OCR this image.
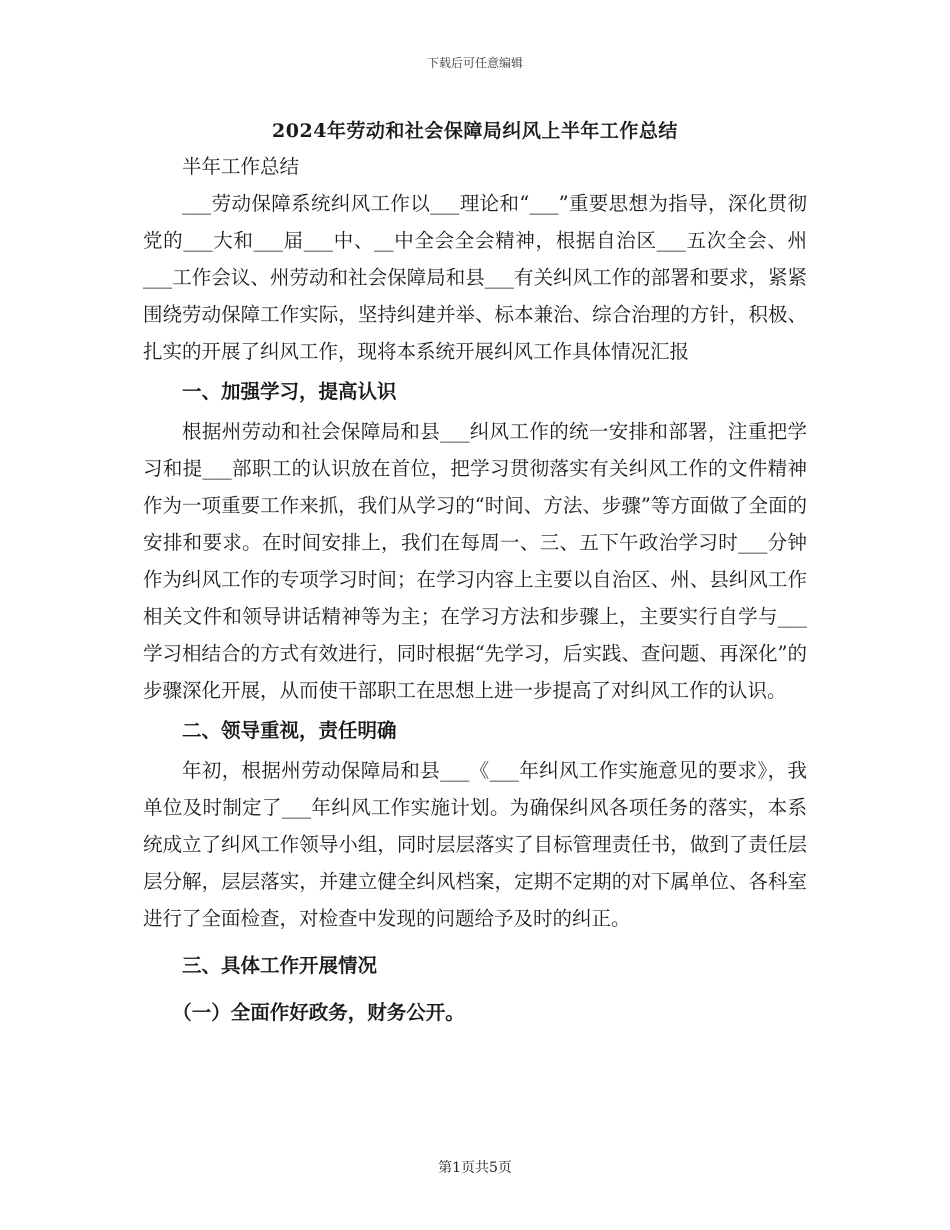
下载后可任意编辑
2024年劳动和社会保障局纠风上半年工作总结

半年工作总结

___劳动保障系统纠风工作以___理论和“___”重要思想为指导，深化贯彻党的___大和___届___中、__中全会全会精神，根据自治区___五次全会、州___工作会议、州劳动和社会保障局和县___有关纠风工作的部署和要求，紧紧围绕劳动保障工作实际，坚持纠建并举、标本兼治、综合治理的方针，积极、扎实的开展了纠风工作，现将本系统开展纠风工作具体情况汇报

一、加强学习，提高认识

根据州劳动和社会保障局和县___纠风工作的统一安排和部署，注重把学习和提___部职工的认识放在首位，把学习贯彻落实有关纠风工作的文件精神作为一项重要工作来抓，我们从学习的“时间、方法、步骤”等方面做了全面的安排和要求。在时间安排上，我们在每周一、三、五下午政治学习时___分钟作为纠风工作的专项学习时间；在学习内容上主要以自治区、州、县纠风工作相关文件和领导讲话精神等为主；在学习方法和步骤上，主要实行自学与___学习相结合的方式有效进行，同时根据“先学习，后实践、查问题、再深化”的步骤深化开展，从而使干部职工在思想上进一步提高了对纠风工作的认识。

二、领导重视，责任明确

年初，根据州劳动保障局和县___《___年纠风工作实施意见的要求》，我单位及时制定了___年纠风工作实施计划。为确保纠风各项任务的落实，本系统成立了纠风工作领导小组，同时层层落实了目标管理责任书，做到了责任层层分解，层层落实，并建立健全纠风档案，定期不定期的对下属单位、各科室进行了全面检查，对检查中发现的问题给予及时的纠正。

三、具体工作开展情况

（一）全面作好政务，财务公开。

第1页共5页
